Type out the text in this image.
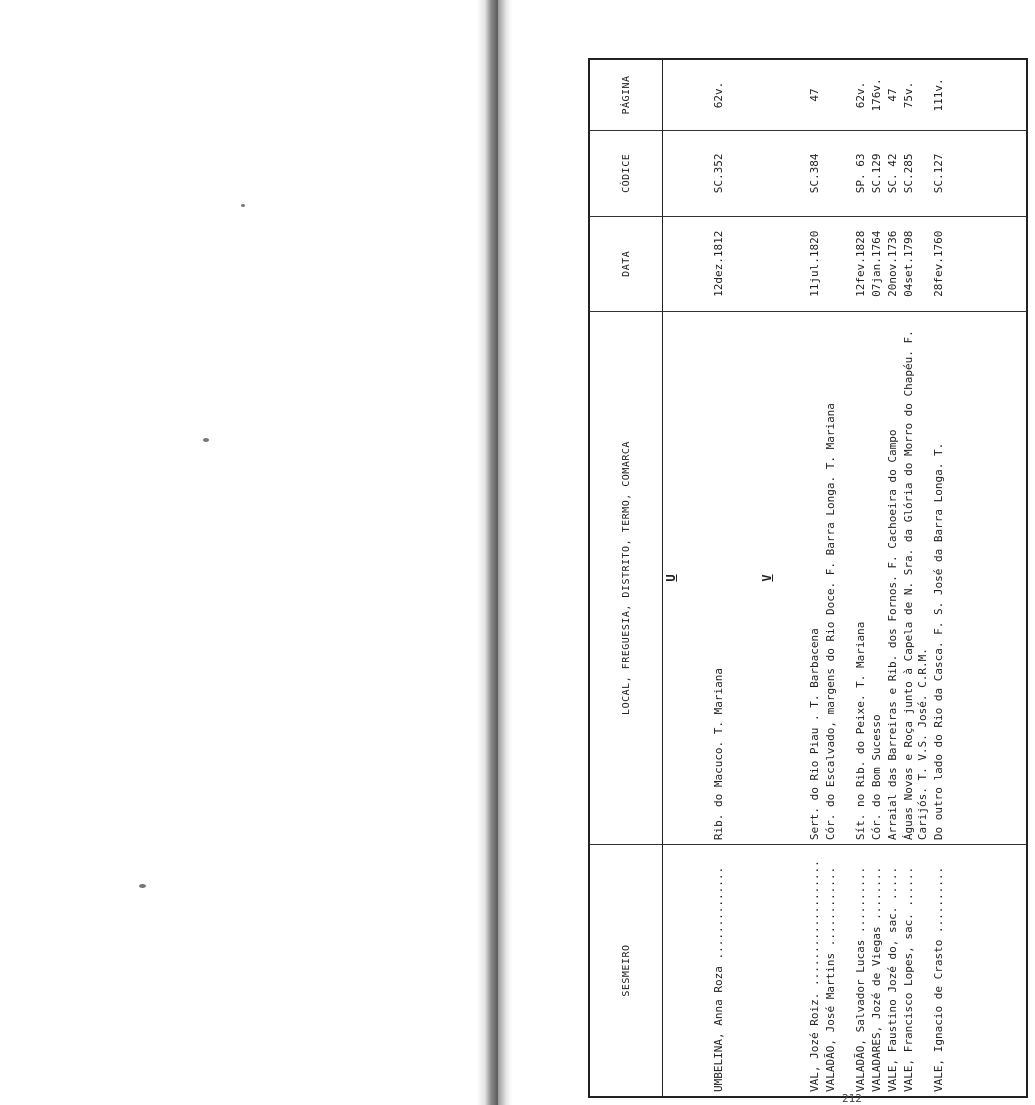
SESMEIRO	LOCAL, FREGUESIA, DISTRITO, TERMO, COMARCA	DATA	CÓDICE	PÁGINA
	U			

UMBELINA, Anna Roza ..............	Rib. do Macuco. T. Mariana	12dez.1812	SC.352	62v.

	V			

VAL, Jozé Roiz. ...................	Sert. do Rio Piau . T. Barbacena	11jul.1820	SC.384	47
VALADÃO, José Martins ............	Cór. do Escalvado, margens do Rio Doce. F. Barra Longa. T. Mariana			
VALADÃO, Salvador Lucas ..........	Sít. no Rib. do Peixe. T. Mariana	12fev.1828	SP. 63	62v.
VALADARES, Jozé de Viegas ........	Cór. do Bom Sucesso	07jan.1764	SC.129	176v.
VALE, Faustino Jozé do, sac. .....	Arraial das Barreiras e Rib. dos Fornos. F. Cachoeira do Campo	20nov.1736	SC. 42	47
VALE, Francisco Lopes, sac. ......	Águas Novas e Roça junto à Capela de N. Sra. da Glória do Morro do Chapéu. F. Carijós. T. V.S. José. C.R.M.	04set.1798	SC.285	75v.
VALE, Ignacio de Crasto ..........	Do outro lado do Rio da Casca. F. S. José da Barra Longa. T.	28fev.1760	SC.127	111v.

212
